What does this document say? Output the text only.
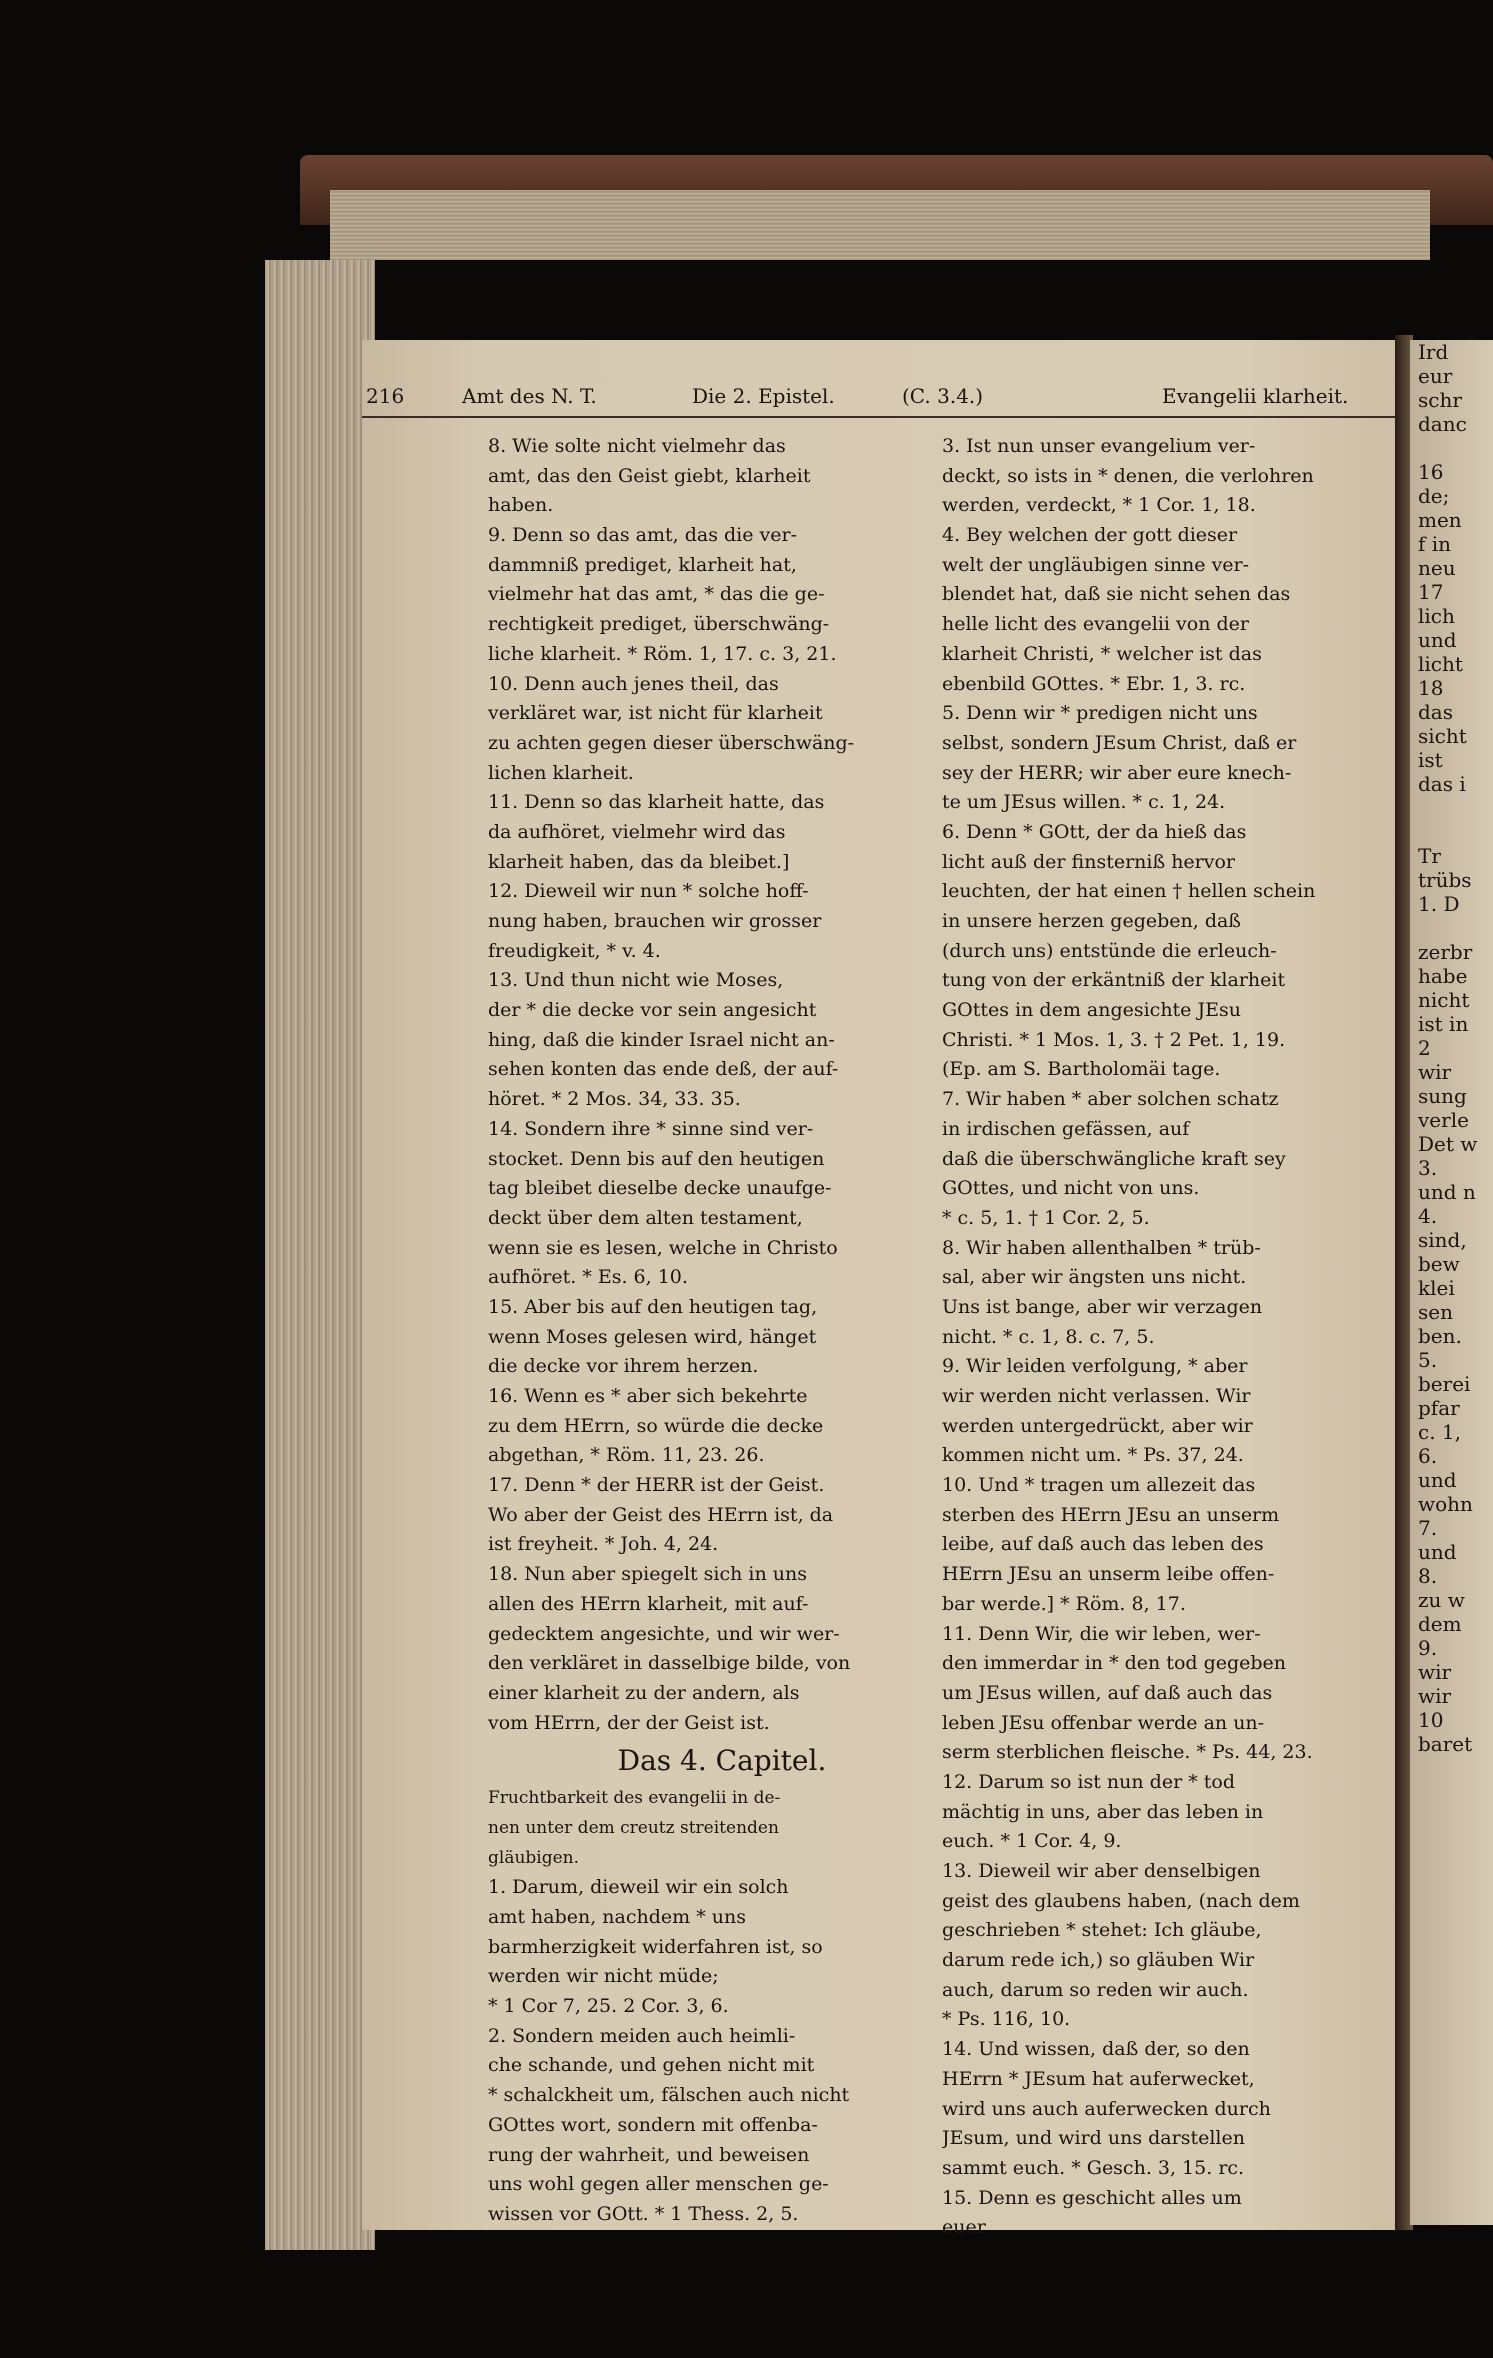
216	Amt des N. T.	Die 2. Epistel.	(C. 3.4.)	Evangelii klarheit.

8. Wie solte nicht vielmehr das

amt, das den Geist giebt, klarheit

haben.

9. Denn so das amt, das die ver-

dammniß prediget, klarheit hat,

vielmehr hat das amt, * das die ge-

rechtigkeit prediget, überschwäng-

liche klarheit. * Röm. 1, 17. c. 3, 21.

10. Denn auch jenes theil, das

verkläret war, ist nicht für klarheit

zu achten gegen dieser überschwäng-

lichen klarheit.

11. Denn so das klarheit hatte, das

da aufhöret, vielmehr wird das

klarheit haben, das da bleibet.]

12. Dieweil wir nun * solche hoff-

nung haben, brauchen wir grosser

freudigkeit, * v. 4.

13. Und thun nicht wie Moses,

der * die decke vor sein angesicht

hing, daß die kinder Israel nicht an-

sehen konten das ende deß, der auf-

höret. * 2 Mos. 34, 33. 35.

14. Sondern ihre * sinne sind ver-

stocket. Denn bis auf den heutigen

tag bleibet dieselbe decke unaufge-

deckt über dem alten testament,

wenn sie es lesen, welche in Christo

aufhöret. * Es. 6, 10.

15. Aber bis auf den heutigen tag,

wenn Moses gelesen wird, hänget

die decke vor ihrem herzen.

16. Wenn es * aber sich bekehrte

zu dem HErrn, so würde die decke

abgethan, * Röm. 11, 23. 26.

17. Denn * der HERR ist der Geist.

Wo aber der Geist des HErrn ist, da

ist freyheit. * Joh. 4, 24.

18. Nun aber spiegelt sich in uns

allen des HErrn klarheit, mit auf-

gedecktem angesichte, und wir wer-

den verkläret in dasselbige bilde, von

einer klarheit zu der andern, als

vom HErrn, der der Geist ist.

Das 4. Capitel.

Fruchtbarkeit des evangelii in de-

nen unter dem creutz streitenden

gläubigen.

1. Darum, dieweil wir ein solch

amt haben, nachdem * uns

barmherzigkeit widerfahren ist, so

werden wir nicht müde;

* 1 Cor 7, 25. 2 Cor. 3, 6.

2. Sondern meiden auch heimli-

che schande, und gehen nicht mit

* schalckheit um, fälschen auch nicht

GOttes wort, sondern mit offenba-

rung der wahrheit, und beweisen

uns wohl gegen aller menschen ge-

wissen vor GOtt. * 1 Thess. 2, 5.

3. Ist nun unser evangelium ver-

deckt, so ists in * denen, die verlohren

werden, verdeckt, * 1 Cor. 1, 18.

4. Bey welchen der gott dieser

welt der ungläubigen sinne ver-

blendet hat, daß sie nicht sehen das

helle licht des evangelii von der

klarheit Christi, * welcher ist das

ebenbild GOttes. * Ebr. 1, 3. rc.

5. Denn wir * predigen nicht uns

selbst, sondern JEsum Christ, daß er

sey der HERR; wir aber eure knech-

te um JEsus willen. * c. 1, 24.

6. Denn * GOtt, der da hieß das

licht auß der finsterniß hervor

leuchten, der hat einen † hellen schein

in unsere herzen gegeben, daß

(durch uns) entstünde die erleuch-

tung von der erkäntniß der klarheit

GOttes in dem angesichte JEsu

Christi. * 1 Mos. 1, 3. † 2 Pet. 1, 19.

(Ep. am S. Bartholomäi tage.

7. Wir haben * aber solchen schatz

in irdischen gefässen, auf

daß die überschwängliche kraft sey

GOttes, und nicht von uns.

* c. 5, 1. † 1 Cor. 2, 5.

8. Wir haben allenthalben * trüb-

sal, aber wir ängsten uns nicht.

Uns ist bange, aber wir verzagen

nicht. * c. 1, 8. c. 7, 5.

9. Wir leiden verfolgung, * aber

wir werden nicht verlassen. Wir

werden untergedrückt, aber wir

kommen nicht um. * Ps. 37, 24.

10. Und * tragen um allezeit das

sterben des HErrn JEsu an unserm

leibe, auf daß auch das leben des

HErrn JEsu an unserm leibe offen-

bar werde.] * Röm. 8, 17.

11. Denn Wir, die wir leben, wer-

den immerdar in * den tod gegeben

um JEsus willen, auf daß auch das

leben JEsu offenbar werde an un-

serm sterblichen fleische. * Ps. 44, 23.

12. Darum so ist nun der * tod

mächtig in uns, aber das leben in

euch. * 1 Cor. 4, 9.

13. Dieweil wir aber denselbigen

geist des glaubens haben, (nach dem

geschrieben * stehet: Ich gläube,

darum rede ich,) so gläuben Wir

auch, darum so reden wir auch.

* Ps. 116, 10.

14. Und wissen, daß der, so den

HErrn * JEsum hat auferwecket,

wird uns auch auferwecken durch

JEsum, und wird uns darstellen

sammt euch. * Gesch. 3, 15. rc.

15. Denn es geschicht alles um

euer

Ird
eur
schr
danc
16
de;
men
f in
neu
17
lich
und
licht
18
das
sicht
ist
das i
Tr
trübs
1. D
zerbr
habe
nicht
ist in
2
wir
sung
verle
Det w
3.
und n
4.
sind,
bew
klei
sen
ben.
5.
berei
pfar
c. 1,
6.
und
wohn
7.
und
8.
zu w
dem
9.
wir
wir
10
baret
